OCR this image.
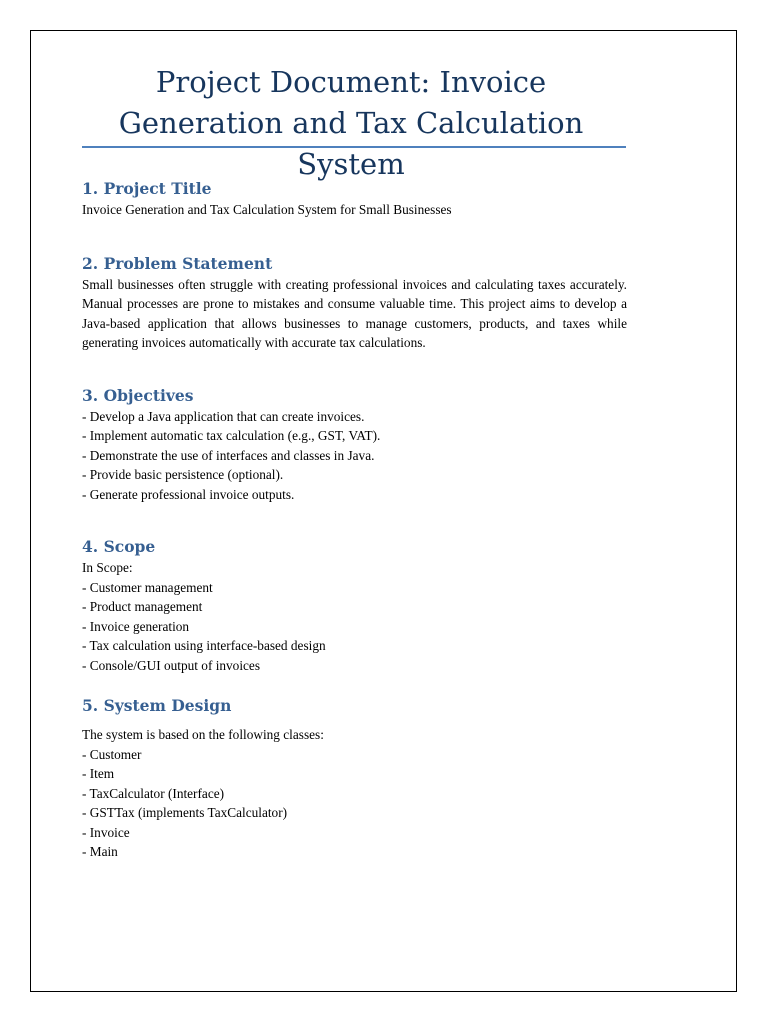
Project Document: Invoice Generation and Tax Calculation System
1. Project Title
Invoice Generation and Tax Calculation System for Small Businesses
2. Problem Statement
Small businesses often struggle with creating professional invoices and calculating taxes accurately. Manual processes are prone to mistakes and consume valuable time. This project aims to develop a Java-based application that allows businesses to manage customers, products, and taxes while generating invoices automatically with accurate tax calculations.
3. Objectives
- Develop a Java application that can create invoices.
- Implement automatic tax calculation (e.g., GST, VAT).
- Demonstrate the use of interfaces and classes in Java.
- Provide basic persistence (optional).
- Generate professional invoice outputs.
4. Scope
In Scope:
- Customer management
- Product management
- Invoice generation
- Tax calculation using interface-based design
- Console/GUI output of invoices
5. System Design
The system is based on the following classes:
- Customer
- Item
- TaxCalculator (Interface)
- GSTTax (implements TaxCalculator)
- Invoice
- Main
